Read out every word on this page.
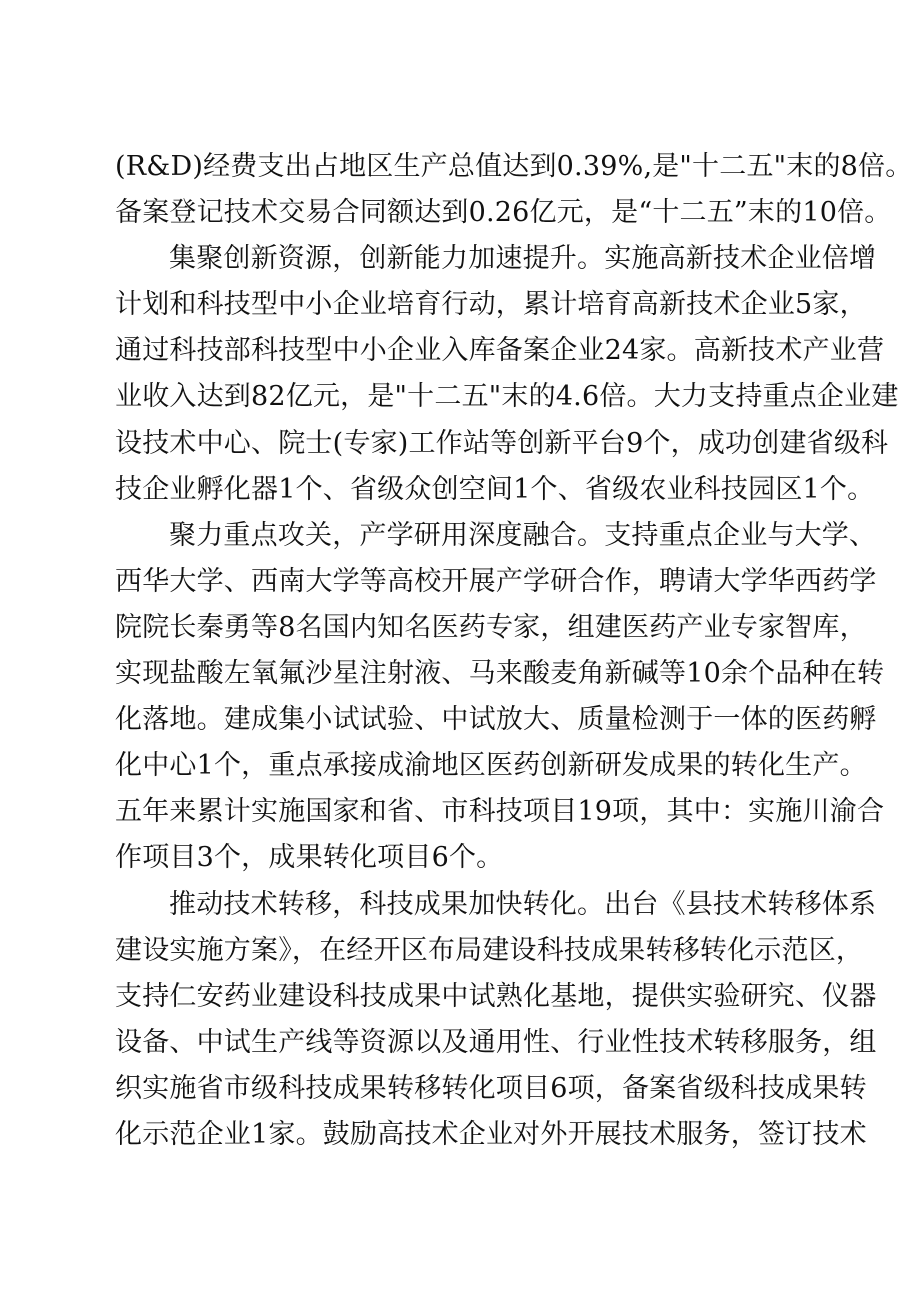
(R&D)经费支出占地区生产总值达到0.39%,是"十二五"末的8倍。
备案登记技术交易合同额达到0.26亿元，是“十二五”末的10倍。
集聚创新资源，创新能力加速提升。实施高新技术企业倍增
计划和科技型中小企业培育行动，累计培育高新技术企业5家，
通过科技部科技型中小企业入库备案企业24家。高新技术产业营
业收入达到82亿元，是"十二五"末的4.6倍。大力支持重点企业建
设技术中心、院士(专家)工作站等创新平台9个，成功创建省级科
技企业孵化器1个、省级众创空间1个、省级农业科技园区1个。
聚力重点攻关，产学研用深度融合。支持重点企业与大学、
西华大学、西南大学等高校开展产学研合作，聘请大学华西药学
院院长秦勇等8名国内知名医药专家，组建医药产业专家智库，
实现盐酸左氧氟沙星注射液、马来酸麦角新碱等10余个品种在转
化落地。建成集小试试验、中试放大、质量检测于一体的医药孵
化中心1个，重点承接成渝地区医药创新研发成果的转化生产。
五年来累计实施国家和省、市科技项目19项，其中：实施川渝合
作项目3个，成果转化项目6个。
推动技术转移，科技成果加快转化。出台《县技术转移体系
建设实施方案》，在经开区布局建设科技成果转移转化示范区，
支持仁安药业建设科技成果中试熟化基地，提供实验研究、仪器
设备、中试生产线等资源以及通用性、行业性技术转移服务，组
织实施省市级科技成果转移转化项目6项，备案省级科技成果转
化示范企业1家。鼓励高技术企业对外开展技术服务，签订技术
